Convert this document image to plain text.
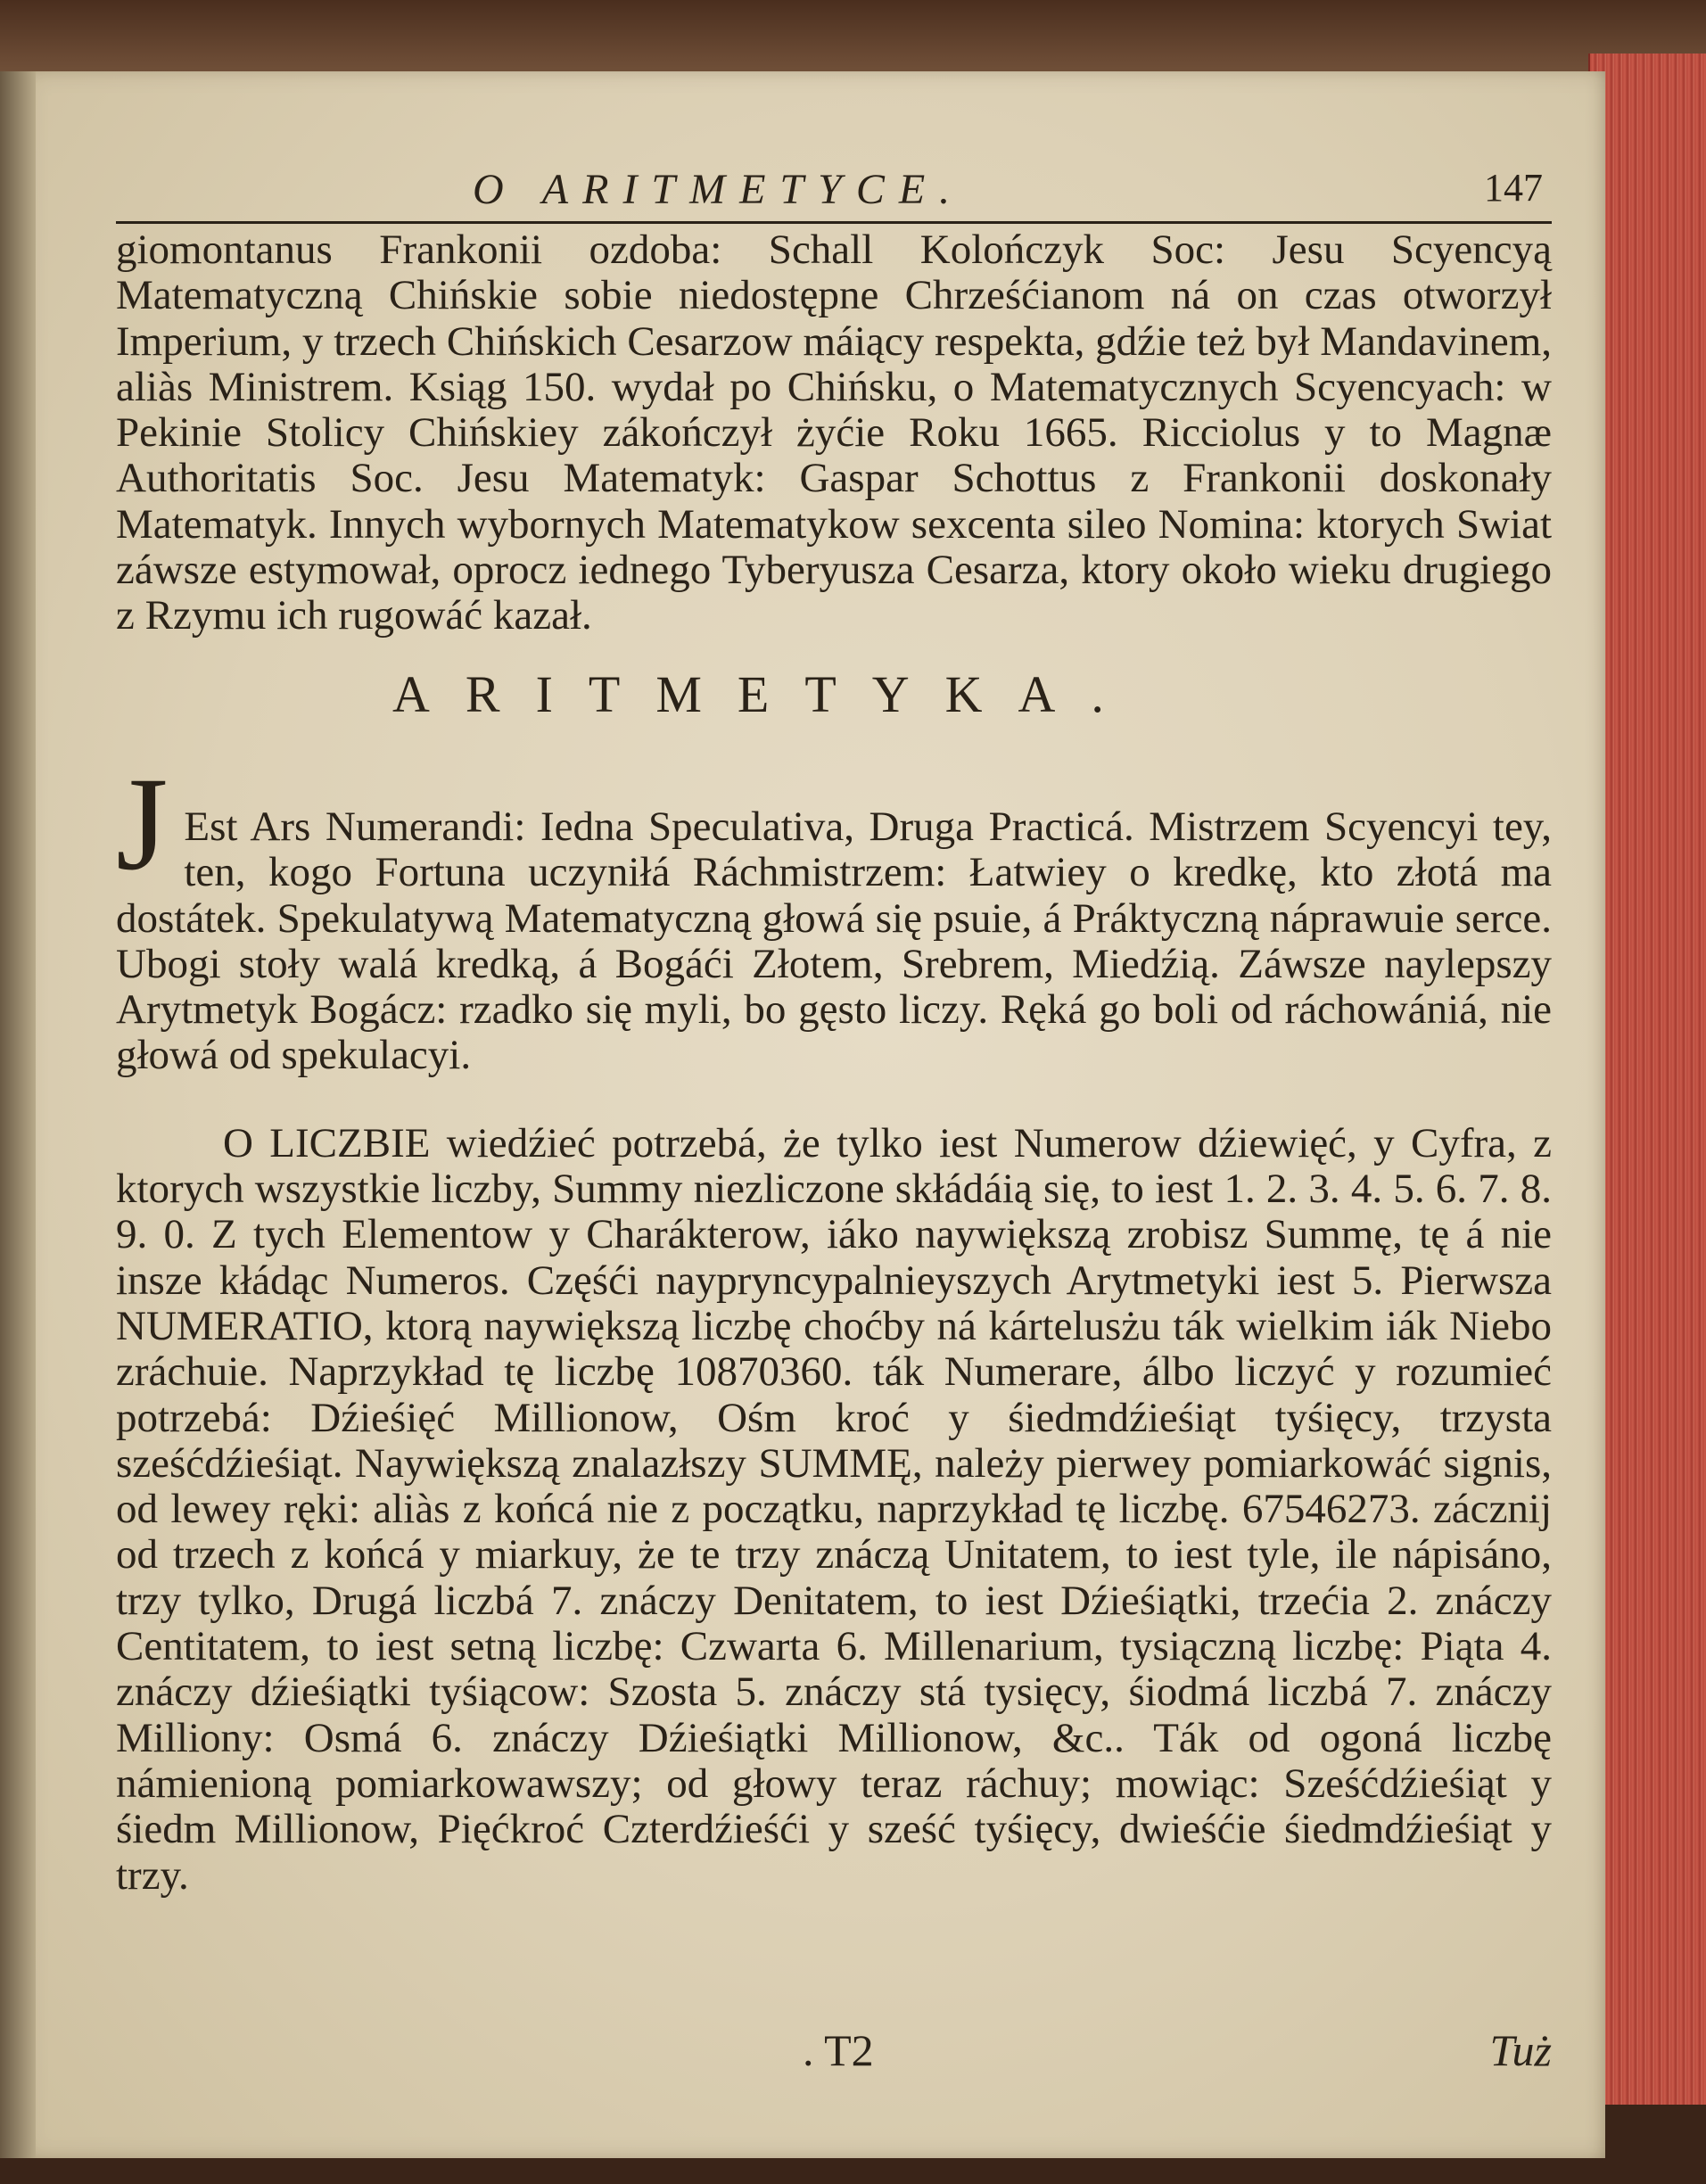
O ARITMETYCE.	147

giomontanus Frankonii ozdoba: Schall Kolończyk Soc: Jesu Scyencyą Matematyczną Chińskie sobie niedostępne Chrześćianom ná on czas otworzył Imperium, y trzech Chińskich Cesarzow máiący respekta, gdźie też był Mandavinem, aliàs Ministrem. Ksiąg 150. wydał po Chińsku, o Matematycznych Scyencyach: w Pekinie Stolicy Chińskiey zákończył żyćie Roku 1665. Ricciolus y to Magnæ Authoritatis Soc. Jesu Matematyk: Gaspar Schottus z Frankonii doskonały Matematyk. Innych wybornych Matematykow sexcenta sileo Nomina: ktorych Swiat záwsze estymował, oprocz iednego Tyberyusza Cesarza, ktory około wieku drugiego z Rzymu ich rugowáć kazał.

ARITMETYKA.
J Est Ars Numerandi: Iedna Speculativa, Druga Practicá. Mistrzem Scyencyi tey, ten, kogo Fortuna uczyniłá Ráchmistrzem: Łatwiey o kredkę, kto złotá ma dostátek. Spekulatywą Matematyczną głowá się psuie, á Práktyczną náprawuie serce. Ubogi stoły walá kredką, á Bogáći Złotem, Srebrem, Miedźią. Záwsze naylepszy Arytmetyk Bogácz: rzadko się myli, bo gęsto liczy. Ręká go boli od ráchowániá, nie głowá od spekulacyi.

O LICZBIE wiedźieć potrzebá, że tylko iest Numerow dźiewięć, y Cyfra, z ktorych wszystkie liczby, Summy niezliczone skłádáią się, to iest 1. 2. 3. 4. 5. 6. 7. 8. 9. 0. Z tych Elementow y Charákterow, iáko naywiększą zrobisz Summę, tę á nie insze kłádąc Numeros. Częśći naypryncypalnieyszych Arytmetyki iest 5. Pierwsza NUMERATIO, ktorą naywiększą liczbę choćby ná kártelusżu ták wielkim iák Niebo zráchuie. Naprzykład tę liczbę 10870360. ták Numerare, álbo liczyć y rozumieć potrzebá: Dźieśięć Millionow, Ośm kroć y śiedmdźieśiąt tyśięcy, trzysta sześćdźieśiąt. Naywiększą znalazłszy SUMMĘ, należy pierwey pomiarkowáć signis, od lewey ręki: aliàs z końcá nie z początku, naprzykład tę liczbę. 67546273. zácznij od trzech z końcá y miarkuy, że te trzy znáczą Unitatem, to iest tyle, ile nápisáno, trzy tylko, Drugá liczbá 7. znáczy Denitatem, to iest Dźieśiątki, trzećia 2. znáczy Centitatem, to iest setną liczbę: Czwarta 6. Millenarium, tysiączną liczbę: Piąta 4. znáczy dźieśiątki tyśiącow: Szosta 5. znáczy stá tysięcy, śiodmá liczbá 7. znáczy Milliony: Osmá 6. znáczy Dźieśiątki Millionow, &c.. Ták od ogoná liczbę námienioną pomiarkowawszy; od głowy teraz ráchuy; mowiąc: Sześćdźieśiąt y śiedm Millionow, Pięćkroć Czterdźieśći y sześć tyśięcy, dwieśćie śiedmdźieśiąt y trzy.

. T2	Tuż
